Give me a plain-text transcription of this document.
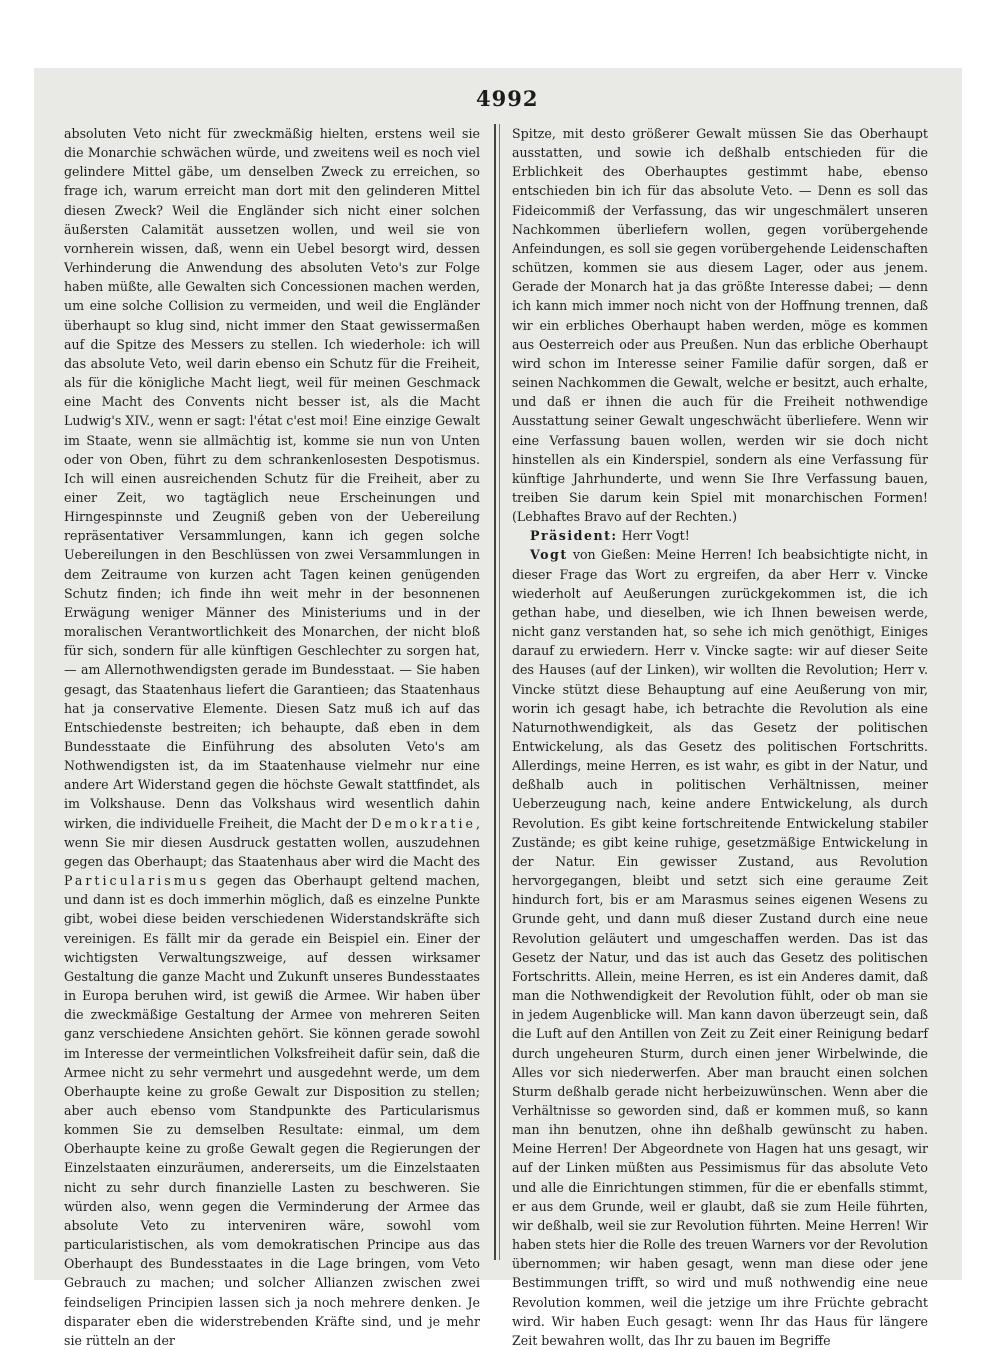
4992

absoluten Veto nicht für zweckmäßig hielten, erstens weil sie die Monarchie schwächen würde, und zweitens weil es noch viel gelindere Mittel gäbe, um denselben Zweck zu erreichen, so frage ich, warum erreicht man dort mit den gelinderen Mittel diesen Zweck? Weil die Engländer sich nicht einer solchen äußersten Calamität aussetzen wollen, und weil sie von vornherein wissen, daß, wenn ein Uebel besorgt wird, dessen Verhinderung die Anwendung des absoluten Veto's zur Folge haben müßte, alle Gewalten sich Concessionen machen werden, um eine solche Collision zu vermeiden, und weil die Engländer überhaupt so klug sind, nicht immer den Staat gewissermaßen auf die Spitze des Messers zu stellen. Ich wiederhole: ich will das absolute Veto, weil darin ebenso ein Schutz für die Freiheit, als für die königliche Macht liegt, weil für meinen Geschmack eine Macht des Convents nicht besser ist, als die Macht Ludwig's XIV., wenn er sagt: l'état c'est moi! Eine einzige Gewalt im Staate, wenn sie allmächtig ist, komme sie nun von Unten oder von Oben, führt zu dem schrankenlosesten Despotismus. Ich will einen ausreichenden Schutz für die Freiheit, aber zu einer Zeit, wo tagtäglich neue Erscheinungen und Hirngespinnste und Zeugniß geben von der Uebereilung repräsentativer Versammlungen, kann ich gegen solche Uebereilungen in den Beschlüssen von zwei Versammlungen in dem Zeitraume von kurzen acht Tagen keinen genügenden Schutz finden; ich finde ihn weit mehr in der besonnenen Erwägung weniger Männer des Ministeriums und in der moralischen Verantwortlichkeit des Monarchen, der nicht bloß für sich, sondern für alle künftigen Geschlechter zu sorgen hat, — am Allernothwendigsten gerade im Bundesstaat. — Sie haben gesagt, das Staatenhaus liefert die Garantieen; das Staatenhaus hat ja conservative Elemente. Diesen Satz muß ich auf das Entschiedenste bestreiten; ich behaupte, daß eben in dem Bundesstaate die Einführung des absoluten Veto's am Nothwendigsten ist, da im Staatenhause vielmehr nur eine andere Art Widerstand gegen die höchste Gewalt stattfindet, als im Volkshause. Denn das Volkshaus wird wesentlich dahin wirken, die individuelle Freiheit, die Macht der Demokratie, wenn Sie mir diesen Ausdruck gestatten wollen, auszudehnen gegen das Oberhaupt; das Staatenhaus aber wird die Macht des Particularismus gegen das Oberhaupt geltend machen, und dann ist es doch immerhin möglich, daß es einzelne Punkte gibt, wobei diese beiden verschiedenen Widerstandskräfte sich vereinigen. Es fällt mir da gerade ein Beispiel ein. Einer der wichtigsten Verwaltungszweige, auf dessen wirksamer Gestaltung die ganze Macht und Zukunft unseres Bundesstaates in Europa beruhen wird, ist gewiß die Armee. Wir haben über die zweckmäßige Gestaltung der Armee von mehreren Seiten ganz verschiedene Ansichten gehört. Sie können gerade sowohl im Interesse der vermeintlichen Volksfreiheit dafür sein, daß die Armee nicht zu sehr vermehrt und ausgedehnt werde, um dem Oberhaupte keine zu große Gewalt zur Disposition zu stellen; aber auch ebenso vom Standpunkte des Particularismus kommen Sie zu demselben Resultate: einmal, um dem Oberhaupte keine zu große Gewalt gegen die Regierungen der Einzelstaaten einzuräumen, andererseits, um die Einzelstaaten nicht zu sehr durch finanzielle Lasten zu beschweren. Sie würden also, wenn gegen die Verminderung der Armee das absolute Veto zu interveniren wäre, sowohl vom particularistischen, als vom demokratischen Principe aus das Oberhaupt des Bundesstaates in die Lage bringen, vom Veto Gebrauch zu machen; und solcher Allianzen zwischen zwei feindseligen Principien lassen sich ja noch mehrere denken. Je disparater eben die widerstrebenden Kräfte sind, und je mehr sie rütteln an der

Spitze, mit desto größerer Gewalt müssen Sie das Oberhaupt ausstatten, und sowie ich deßhalb entschieden für die Erblichkeit des Oberhauptes gestimmt habe, ebenso entschieden bin ich für das absolute Veto. — Denn es soll das Fideicommiß der Verfassung, das wir ungeschmälert unseren Nachkommen überliefern wollen, gegen vorübergehende Anfeindungen, es soll sie gegen vorübergehende Leidenschaften schützen, kommen sie aus diesem Lager, oder aus jenem. Gerade der Monarch hat ja das größte Interesse dabei; — denn ich kann mich immer noch nicht von der Hoffnung trennen, daß wir ein erbliches Oberhaupt haben werden, möge es kommen aus Oesterreich oder aus Preußen. Nun das erbliche Oberhaupt wird schon im Interesse seiner Familie dafür sorgen, daß er seinen Nachkommen die Gewalt, welche er besitzt, auch erhalte, und daß er ihnen die auch für die Freiheit nothwendige Ausstattung seiner Gewalt ungeschwächt überliefere. Wenn wir eine Verfassung bauen wollen, werden wir sie doch nicht hinstellen als ein Kinderspiel, sondern als eine Verfassung für künftige Jahrhunderte, und wenn Sie Ihre Verfassung bauen, treiben Sie darum kein Spiel mit monarchischen Formen! (Lebhaftes Bravo auf der Rechten.)

Präsident: Herr Vogt!

Vogt von Gießen: Meine Herren! Ich beabsichtigte nicht, in dieser Frage das Wort zu ergreifen, da aber Herr v. Vincke wiederholt auf Aeußerungen zurückgekommen ist, die ich gethan habe, und dieselben, wie ich Ihnen beweisen werde, nicht ganz verstanden hat, so sehe ich mich genöthigt, Einiges darauf zu erwiedern. Herr v. Vincke sagte: wir auf dieser Seite des Hauses (auf der Linken), wir wollten die Revolution; Herr v. Vincke stützt diese Behauptung auf eine Aeußerung von mir, worin ich gesagt habe, ich betrachte die Revolution als eine Naturnothwendigkeit, als das Gesetz der politischen Entwickelung, als das Gesetz des politischen Fortschritts. Allerdings, meine Herren, es ist wahr, es gibt in der Natur, und deßhalb auch in politischen Verhältnissen, meiner Ueberzeugung nach, keine andere Entwickelung, als durch Revolution. Es gibt keine fortschreitende Entwickelung stabiler Zustände; es gibt keine ruhige, gesetzmäßige Entwickelung in der Natur. Ein gewisser Zustand, aus Revolution hervorgegangen, bleibt und setzt sich eine geraume Zeit hindurch fort, bis er am Marasmus seines eigenen Wesens zu Grunde geht, und dann muß dieser Zustand durch eine neue Revolution geläutert und umgeschaffen werden. Das ist das Gesetz der Natur, und das ist auch das Gesetz des politischen Fortschritts. Allein, meine Herren, es ist ein Anderes damit, daß man die Nothwendigkeit der Revolution fühlt, oder ob man sie in jedem Augenblicke will. Man kann davon überzeugt sein, daß die Luft auf den Antillen von Zeit zu Zeit einer Reinigung bedarf durch ungeheuren Sturm, durch einen jener Wirbelwinde, die Alles vor sich niederwerfen. Aber man braucht einen solchen Sturm deßhalb gerade nicht herbeizuwünschen. Wenn aber die Verhältnisse so geworden sind, daß er kommen muß, so kann man ihn benutzen, ohne ihn deßhalb gewünscht zu haben. Meine Herren! Der Abgeordnete von Hagen hat uns gesagt, wir auf der Linken müßten aus Pessimismus für das absolute Veto und alle die Einrichtungen stimmen, für die er ebenfalls stimmt, er aus dem Grunde, weil er glaubt, daß sie zum Heile führten, wir deßhalb, weil sie zur Revolution führten. Meine Herren! Wir haben stets hier die Rolle des treuen Warners vor der Revolution übernommen; wir haben gesagt, wenn man diese oder jene Bestimmungen trifft, so wird und muß nothwendig eine neue Revolution kommen, weil die jetzige um ihre Früchte gebracht wird. Wir haben Euch gesagt: wenn Ihr das Haus für längere Zeit bewahren wollt, das Ihr zu bauen im Begriffe
